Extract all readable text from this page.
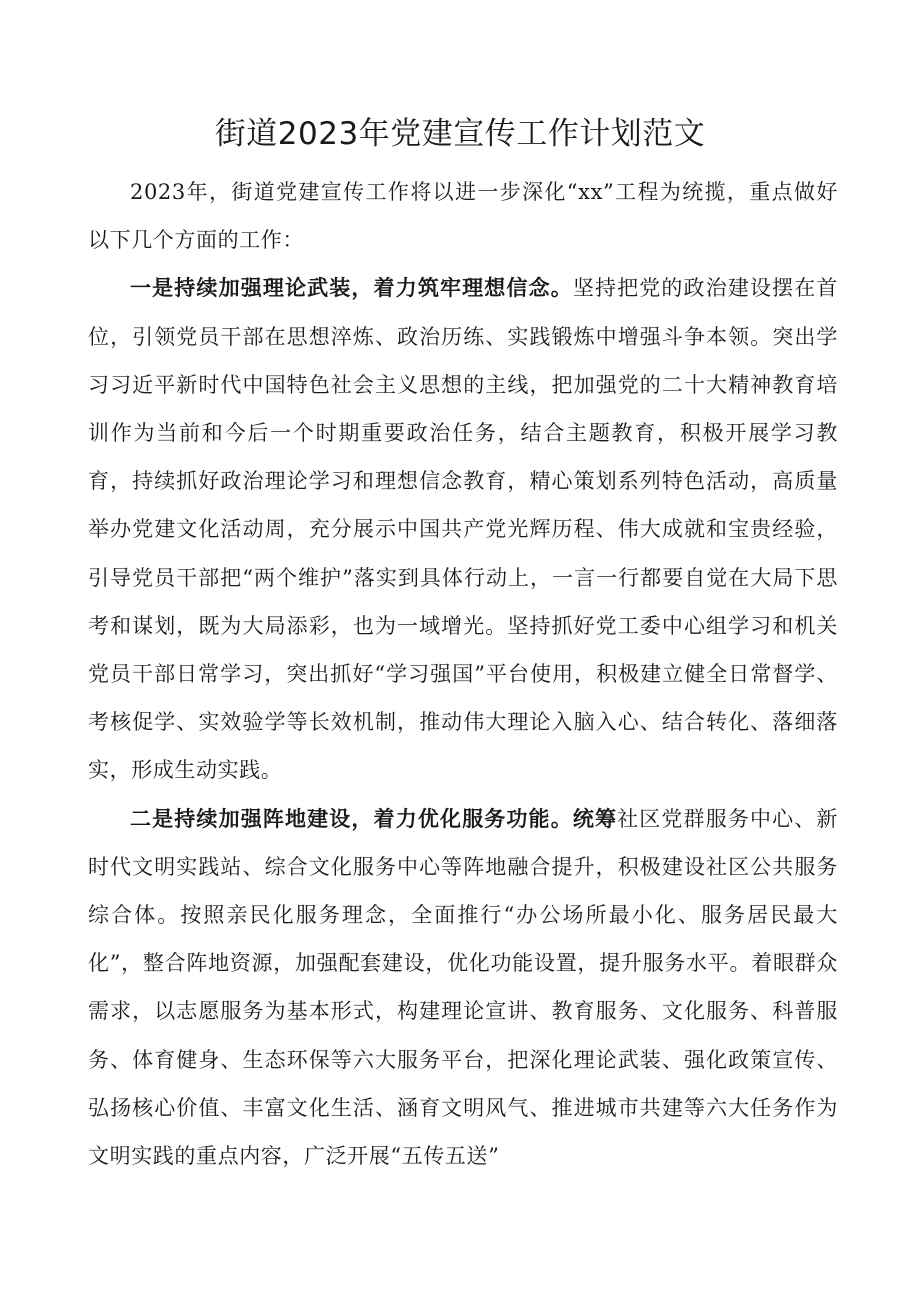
街道2023年党建宣传工作计划范文

2023年，街道党建宣传工作将以进一步深化“xx”工程为统揽，重点做好以下几个方面的工作：

一是持续加强理论武装，着力筑牢理想信念。坚持把党的政治建设摆在首位，引领党员干部在思想淬炼、政治历练、实践锻炼中增强斗争本领。突出学习习近平新时代中国特色社会主义思想的主线，把加强党的二十大精神教育培训作为当前和今后一个时期重要政治任务，结合主题教育，积极开展学习教育，持续抓好政治理论学习和理想信念教育，精心策划系列特色活动，高质量举办党建文化活动周，充分展示中国共产党光辉历程、伟大成就和宝贵经验，引导党员干部把“两个维护”落实到具体行动上，一言一行都要自觉在大局下思考和谋划，既为大局添彩，也为一域增光。坚持抓好党工委中心组学习和机关党员干部日常学习，突出抓好“学习强国”平台使用，积极建立健全日常督学、考核促学、实效验学等长效机制，推动伟大理论入脑入心、结合转化、落细落实，形成生动实践。

二是持续加强阵地建设，着力优化服务功能。统筹社区党群服务中心、新时代文明实践站、综合文化服务中心等阵地融合提升，积极建设社区公共服务综合体。按照亲民化服务理念，全面推行“办公场所最小化、服务居民最大化”，整合阵地资源，加强配套建设，优化功能设置，提升服务水平。着眼群众需求，以志愿服务为基本形式，构建理论宣讲、教育服务、文化服务、科普服务、体育健身、生态环保等六大服务平台，把深化理论武装、强化政策宣传、弘扬核心价值、丰富文化生活、涵育文明风气、推进城市共建等六大任务作为文明实践的重点内容，广泛开展“五传五送”
